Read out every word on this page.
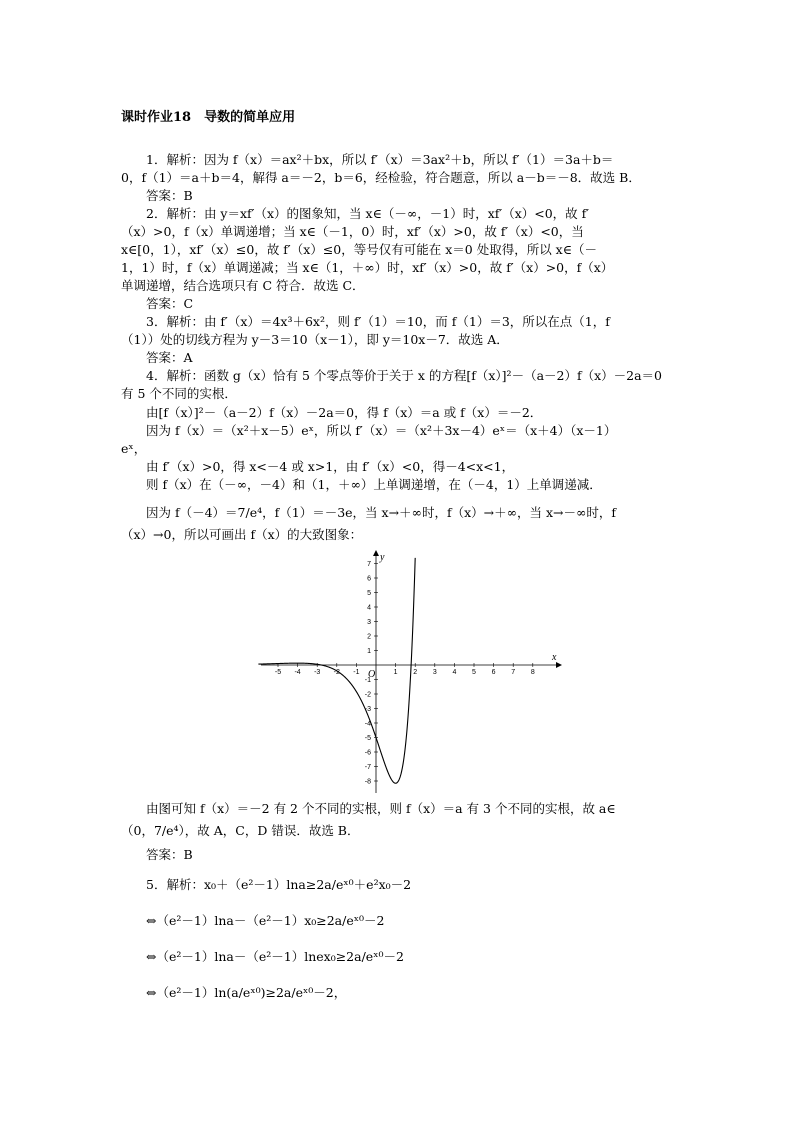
课时作业18　导数的简单应用
1．解析：因为 f（x）＝ax²＋bx，所以 f′（x）＝3ax²＋b，所以 f′（1）＝3a＋b＝
0，f（1）＝a＋b＝4，解得 a＝－2，b＝6，经检验，符合题意，所以 a－b＝－8．故选 B．
答案：B
2．解析：由 y＝xf′（x）的图象知，当 x∈（－∞，－1）时，xf′（x）<0，故 f′
（x）>0，f（x）单调递增；当 x∈（－1，0）时，xf′（x）>0，故 f′（x）<0，当
x∈[0，1），xf′（x）≤0，故 f′（x）≤0，等号仅有可能在 x＝0 处取得，所以 x∈（－
1，1）时，f（x）单调递减；当 x∈（1，＋∞）时，xf′（x）>0，故 f′（x）>0，f（x）
单调递增，结合选项只有 C 符合．故选 C．
答案：C
3．解析：由 f′（x）＝4x³＋6x²，则 f′（1）＝10，而 f（1）＝3，所以在点（1，f
（1））处的切线方程为 y－3＝10（x－1），即 y＝10x－7．故选 A．
答案：A
4．解析：函数 g（x）恰有 5 个零点等价于关于 x 的方程[f（x）]²－（a－2）f（x）－2a＝0
有 5 个不同的实根．
由[f（x）]²－（a－2）f（x）－2a＝0，得 f（x）＝a 或 f（x）＝－2．
因为 f（x）＝（x²＋x－5）eˣ，所以 f′（x）＝（x²＋3x－4）eˣ＝（x＋4）（x－1）
eˣ，
由 f′（x）>0，得 x<－4 或 x>1，由 f′（x）<0，得－4<x<1，
则 f（x）在（－∞，－4）和（1，＋∞）上单调递增，在（－4，1）上单调递减．
因为 f（－4）＝7/e⁴，f（1）＝－3e，当 x→＋∞时，f（x）→＋∞，当 x→－∞时，f
（x）→0，所以可画出 f（x）的大致图象：
x
y
O
-5 -4 -3 -2 -1	1 2 3 4 5 6 7 8
1
2
3
4
5
6
7
-1
-2
-3
-4
-5
-6
-7
-8
由图可知 f（x）＝－2 有 2 个不同的实根，则 f（x）＝a 有 3 个不同的实根，故 a∈
（0，7/e⁴），故 A，C，D 错误．故选 B．
答案：B
5．解析：x₀＋（e²－1）lna≥2a/eˣ⁰＋e²x₀－2
⇔（e²－1）lna－（e²－1）x₀≥2a/eˣ⁰－2
⇔（e²－1）lna－（e²－1）lnex₀≥2a/eˣ⁰－2
⇔（e²－1）ln(a/eˣ⁰)≥2a/eˣ⁰－2，
